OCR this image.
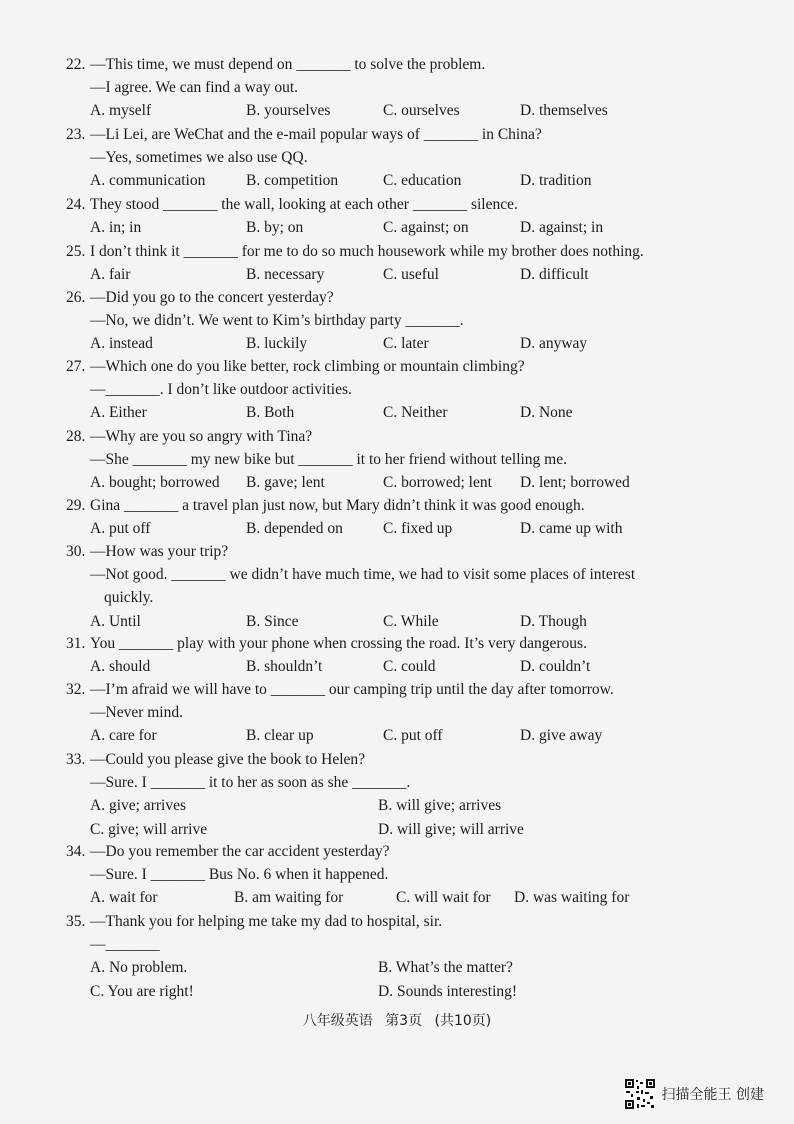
22. —This time, we must depend on _______ to solve the problem.
—I agree. We can find a way out.
A. myself	B. yourselves	C. ourselves	D. themselves
23. —Li Lei, are WeChat and the e-mail popular ways of _______ in China?
—Yes, sometimes we also use QQ.
A. communication	B. competition	C. education	D. tradition
24. They stood _______ the wall, looking at each other _______ silence.
A. in; in	B. by; on	C. against; on	D. against; in
25. I don’t think it _______ for me to do so much housework while my brother does nothing.
A. fair	B. necessary	C. useful	D. difficult
26. —Did you go to the concert yesterday?
—No, we didn’t. We went to Kim’s birthday party _______.
A. instead	B. luckily	C. later	D. anyway
27. —Which one do you like better, rock climbing or mountain climbing?
—_______. I don’t like outdoor activities.
A. Either	B. Both	C. Neither	D. None
28. —Why are you so angry with Tina?
—She _______ my new bike but _______ it to her friend without telling me.
A. bought; borrowed B. gave; lent	C. borrowed; lent D. lent; borrowed
29. Gina _______ a travel plan just now, but Mary didn’t think it was good enough.
A. put off	B. depended on	C. fixed up	D. came up with
30. —How was your trip?
—Not good. _______ we didn’t have much time, we had to visit some places of interest
quickly.
A. Until	B. Since	C. While	D. Though
31. You _______ play with your phone when crossing the road. It’s very dangerous.
A. should	B. shouldn’t	C. could	D. couldn’t
32. —I’m afraid we will have to _______ our camping trip until the day after tomorrow.
—Never mind.
A. care for	B. clear up	C. put off	D. give away
33. —Could you please give the book to Helen?
—Sure. I _______ it to her as soon as she _______.
A. give; arrives	B. will give; arrives
C. give; will arrive	D. will give; will arrive
34. —Do you remember the car accident yesterday?
—Sure. I _______ Bus No. 6 when it happened.
A. wait for	B. am waiting for	C. will wait for D. was waiting for
35. —Thank you for helping me take my dad to hospital, sir.
—_______
A. No problem.	B. What’s the matter?
C. You are right!	D. Sounds interesting!
八年级英语 第3页 (共10页)
扫描全能王 创建
